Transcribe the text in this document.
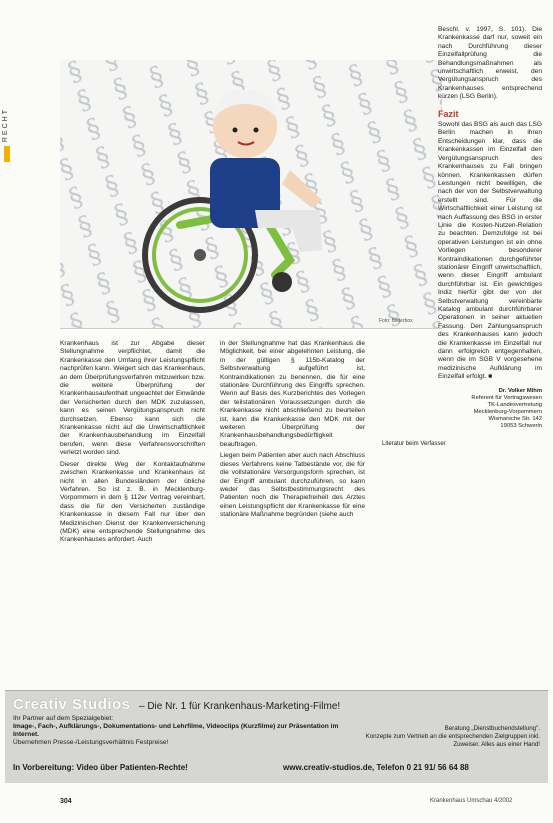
RECHT
Foto: Bilderbox

Krankenhaus ist zur Abgabe dieser Stellungnahme verpflichtet, damit die Krankenkasse den Umfang ihrer Leistungspflicht nachprüfen kann. Weigert sich das Krankenhaus, an dem Überprüfungsverfahren mitzuwirken bzw. die weitere Überprüfung der Krankenhausaufenthalt ungeachtet der Einwände der Versicherten durch den MDK zuzulassen, kann es seinen Vergütungsanspruch nicht durchsetzen. Ebenso kann sich die Krankenkasse nicht auf die Unwirtschaftlichkeit der Krankenhausbehandlung im Einzelfall berufen, wenn diese Verfahrensvorschriften verletzt worden sind.

Dieser direkte Weg der Kontaktaufnahme zwischen Krankenkasse und Krankenhaus ist nicht in allen Bundesländern der übliche Verfahren. So ist z. B. in Mecklenburg-Vorpommern in dem § 112er Vertrag vereinbart, dass die für den Versicherten zuständige Krankenkasse in diesem Fall nur über den Medizinischen Dienst der Krankenversicherung (MDK) eine entsprechende Stellungnahme des Krankenhauses anfordert. Auch

in der Stellungnahme hat das Krankenhaus die Möglichkeit, bei einer abgelehnten Leistung, die in der gültigen § 115b-Katalog der Selbstverwaltung aufgeführt ist, Kontraindikationen zu benennen, die für eine stationäre Durchführung des Eingriffs sprechen. Wenn auf Basis des Kurzberichtes des Vorlegen der teilstationären Voraussetzungen durch die Krankenkasse nicht abschließend zu beurteilen ist, kann die Krankenkasse den MDK mit der weiteren Überprüfung der Krankenhausbehandlungsbedürftigkeit beauftragen.

Liegen beim Patienten aber auch nach Abschluss dieses Verfahrens keine Tatbestände vor, die für die vollstationäre Versorgungsform sprechen, ist der Eingriff ambulant durchzuführen, so kann weder das Selbstbestimmungsrecht des Patienten noch die Therapiefreiheit des Arztes einen Leistungspflicht der Krankenkasse für eine stationäre Maßnahme begründen (siehe auch

Beschl. v. 1997, S. 101). Die Krankenkasse darf nur, soweit ein nach Durchführung dieser Einzelfallprüfung die Behandlungsmaßnahmen als unwirtschaftlich erweist, den Vergütungsanspruch des Krankenhauses entsprechend kürzen (LSG Berlin).

Fazit

Sowohl das BSG als auch das LSG Berlin machen in ihren Entscheidungen klar, dass die Krankenkassen im Einzelfall den Vergütungsanspruch des Krankenhauses zu Fall bringen können. Krankenkassen dürfen Leistungen nicht bewilligen, die nach der von der Selbstverwaltung erstellt sind. Für die Wirtschaftlichkeit einer Leistung ist nach Auffassung des BSG in erster Linie die Kosten-Nutzen-Relation zu beachten. Demzufolge ist bei operativen Leistungen ist ein ohne Vorliegen besonderer Kontraindikationen durchgeführter stationärer Eingriff unwirtschaftlich, wenn dieser Eingriff ambulant durchführbar ist. Ein gewichtiges Indiz hierfür gibt der von der Selbstverwaltung vereinbarte Katalog ambulant durchführbarer Operationen in seiner aktuellen Fassung. Den Zahlungsanspruch des Krankenhauses kann jedoch die Krankenkasse im Einzelfall nur dann erfolgreich entgegenhalten, wenn die im SGB V vorgesehene medizinische Aufklärung im Einzelfall erfolgt. ■

Dr. Volker Mihm
Referent für Vertragswesen
TK-Landesvertretung
Mecklenburg-Vorpommern
Wismarsche Str. 142
19053 Schwerin
Literatur beim Verfasser
Creativ Studios – Die Nr. 1 für Krankenhaus-Marketing-Filme!
Ihr Partner auf dem Spezialgebiet:
Image-, Fach-, Aufklärungs-, Dokumentations- und Lehrfilme, Videoclips (Kurzfilme) zur Präsentation im Internet.
Übernehmen Presse-/Leistungsverhältnis Festpreise!
Beratung „Dienstbuchendstellung".
Konzepte zum Vertrieb an die entsprechenden Zielgruppen inkl. Zuweiser. Alles aus einer Hand!
In Vorbereitung: Video über Patienten-Rechte!	www.creativ-studios.de, Telefon 0 21 91/ 56 64 88
304	Krankenhaus Umschau 4/2002
